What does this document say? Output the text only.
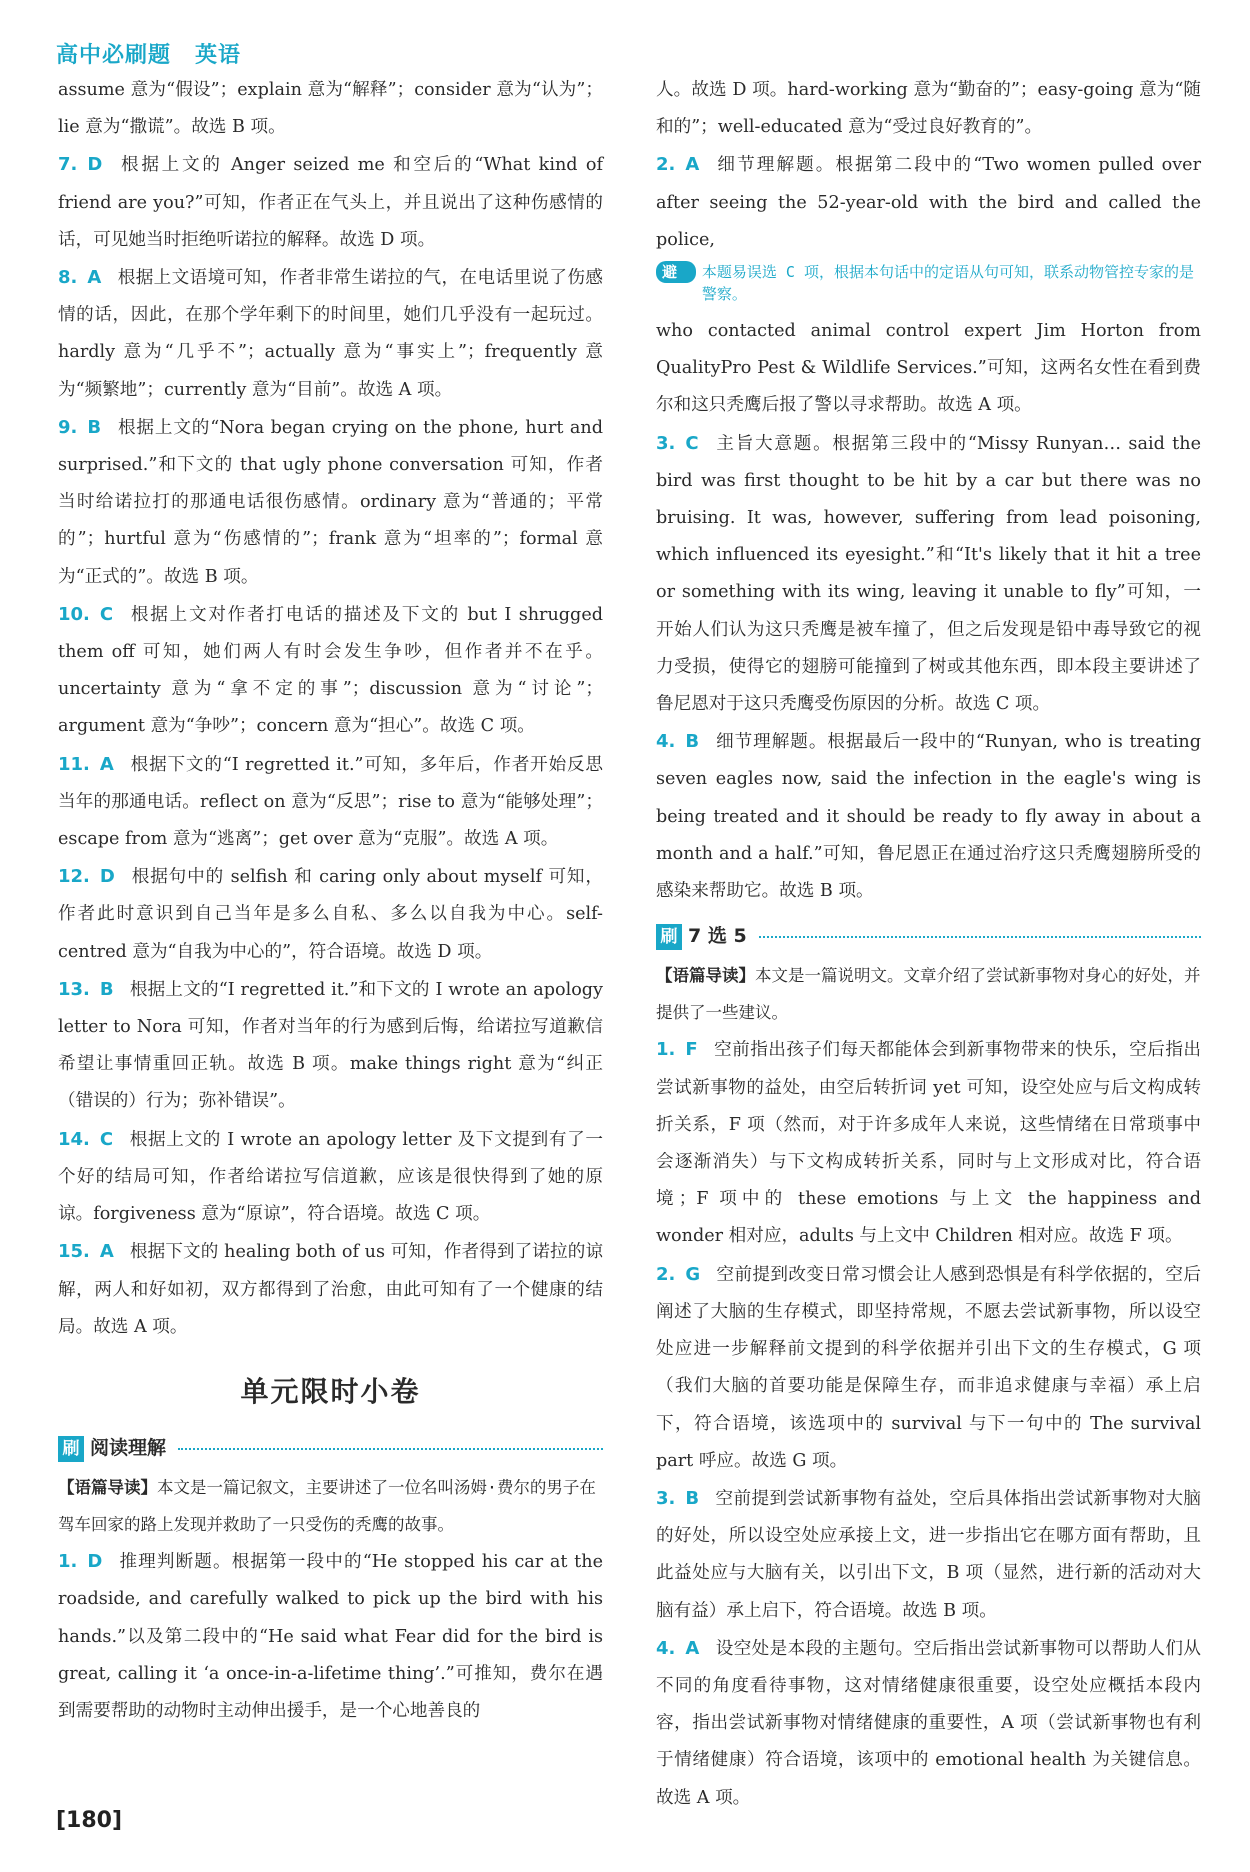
高中必刷题 英语
assume 意为“假设”；explain 意为“解释”；consider 意为“认为”；lie 意为“撒谎”。故选 B 项。
7. D 根据上文的 Anger seized me 和空后的“What kind of friend are you?”可知，作者正在气头上，并且说出了这种伤感情的话，可见她当时拒绝听诺拉的解释。故选 D 项。
8. A 根据上文语境可知，作者非常生诺拉的气，在电话里说了伤感情的话，因此，在那个学年剩下的时间里，她们几乎没有一起玩过。hardly 意为“几乎不”；actually 意为“事实上”；frequently 意为“频繁地”；currently 意为“目前”。故选 A 项。
9. B 根据上文的“Nora began crying on the phone, hurt and surprised.”和下文的 that ugly phone conversation 可知，作者当时给诺拉打的那通电话很伤感情。ordinary 意为“普通的；平常的”；hurtful 意为“伤感情的”；frank 意为“坦率的”；formal 意为“正式的”。故选 B 项。
10. C 根据上文对作者打电话的描述及下文的 but I shrugged them off 可知，她们两人有时会发生争吵，但作者并不在乎。uncertainty 意为“拿不定的事”；discussion 意为“讨论”；argument 意为“争吵”；concern 意为“担心”。故选 C 项。
11. A 根据下文的“I regretted it.”可知，多年后，作者开始反思当年的那通电话。reflect on 意为“反思”；rise to 意为“能够处理”；escape from 意为“逃离”；get over 意为“克服”。故选 A 项。
12. D 根据句中的 selfish 和 caring only about myself 可知，作者此时意识到自己当年是多么自私、多么以自我为中心。self-centred 意为“自我为中心的”，符合语境。故选 D 项。
13. B 根据上文的“I regretted it.”和下文的 I wrote an apology letter to Nora 可知，作者对当年的行为感到后悔，给诺拉写道歉信希望让事情重回正轨。故选 B 项。make things right 意为“纠正（错误的）行为；弥补错误”。
14. C 根据上文的 I wrote an apology letter 及下文提到有了一个好的结局可知，作者给诺拉写信道歉，应该是很快得到了她的原谅。forgiveness 意为“原谅”，符合语境。故选 C 项。
15. A 根据下文的 healing both of us 可知，作者得到了诺拉的谅解，两人和好如初，双方都得到了治愈，由此可知有了一个健康的结局。故选 A 项。
单元限时小卷
刷 阅读理解
【语篇导读】本文是一篇记叙文，主要讲述了一位名叫汤姆·费尔的男子在驾车回家的路上发现并救助了一只受伤的秃鹰的故事。
1. D 推理判断题。根据第一段中的“He stopped his car at the roadside, and carefully walked to pick up the bird with his hands.”以及第二段中的“He said what Fear did for the bird is great, calling it ‘a once-in-a-lifetime thing’.”可推知，费尔在遇到需要帮助的动物时主动伸出援手，是一个心地善良的
人。故选 D 项。hard-working 意为“勤奋的”；easy-going 意为“随和的”；well-educated 意为“受过良好教育的”。
2. A 细节理解题。根据第二段中的“Two women pulled over after seeing the 52-year-old with the bird and called the police,
避错
本题易误选 C 项，根据本句话中的定语从句可知，联系动物管控专家的是警察。
who contacted animal control expert Jim Horton from QualityPro Pest & Wildlife Services.”可知，这两名女性在看到费尔和这只秃鹰后报了警以寻求帮助。故选 A 项。
3. C 主旨大意题。根据第三段中的“Missy Runyan… said the bird was first thought to be hit by a car but there was no bruising. It was, however, suffering from lead poisoning, which influenced its eyesight.”和“It's likely that it hit a tree or something with its wing, leaving it unable to fly”可知，一开始人们认为这只秃鹰是被车撞了，但之后发现是铅中毒导致它的视力受损，使得它的翅膀可能撞到了树或其他东西，即本段主要讲述了鲁尼恩对于这只秃鹰受伤原因的分析。故选 C 项。
4. B 细节理解题。根据最后一段中的“Runyan, who is treating seven eagles now, said the infection in the eagle's wing is being treated and it should be ready to fly away in about a month and a half.”可知，鲁尼恩正在通过治疗这只秃鹰翅膀所受的感染来帮助它。故选 B 项。
刷 7 选 5
【语篇导读】本文是一篇说明文。文章介绍了尝试新事物对身心的好处，并提供了一些建议。
1. F 空前指出孩子们每天都能体会到新事物带来的快乐，空后指出尝试新事物的益处，由空后转折词 yet 可知，设空处应与后文构成转折关系，F 项（然而，对于许多成年人来说，这些情绪在日常琐事中会逐渐消失）与下文构成转折关系，同时与上文形成对比，符合语境；F 项中的 these emotions 与上文 the happiness and wonder 相对应，adults 与上文中 Children 相对应。故选 F 项。
2. G 空前提到改变日常习惯会让人感到恐惧是有科学依据的，空后阐述了大脑的生存模式，即坚持常规，不愿去尝试新事物，所以设空处应进一步解释前文提到的科学依据并引出下文的生存模式，G 项（我们大脑的首要功能是保障生存，而非追求健康与幸福）承上启下，符合语境，该选项中的 survival 与下一句中的 The survival part 呼应。故选 G 项。
3. B 空前提到尝试新事物有益处，空后具体指出尝试新事物对大脑的好处，所以设空处应承接上文，进一步指出它在哪方面有帮助，且此益处应与大脑有关，以引出下文，B 项（显然，进行新的活动对大脑有益）承上启下，符合语境。故选 B 项。
4. A 设空处是本段的主题句。空后指出尝试新事物可以帮助人们从不同的角度看待事物，这对情绪健康很重要，设空处应概括本段内容，指出尝试新事物对情绪健康的重要性，A 项（尝试新事物也有利于情绪健康）符合语境，该项中的 emotional health 为关键信息。故选 A 项。
[180]
